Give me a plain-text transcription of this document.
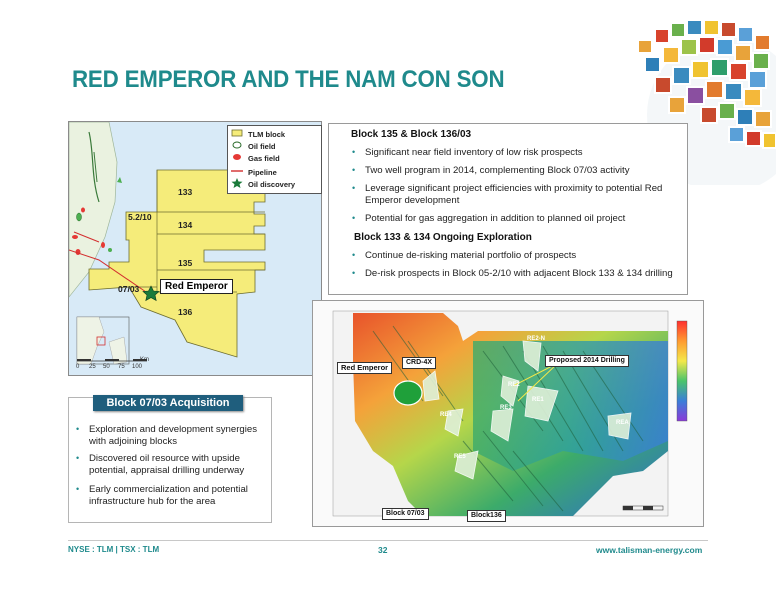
RED EMPEROR AND THE NAM CON SON
133
134
135
136
07/03
5.2/10
Red Emperor
0 25 50 75 100
Km
TLM block
Oil field
Gas field
Pipeline
Oil discovery
Block 135 & Block 136/03
• Significant near field inventory of low risk prospects
• Two well program in 2014, complementing Block 07/03 activity
• Leverage significant project efficiencies with proximity to potential Red Emperor development
• Potential for gas aggregation in addition to planned oil project
Block 133 & 134 Ongoing Exploration
• Continue de-risking material portfolio of prospects
• De-risk prospects in Block 05-2/10 with adjacent Block 133 & 134 drilling
Block 07/03 Acquisition
• Exploration and development synergies with adjoining blocks
• Discovered oil resource with upside potential, appraisal drilling underway
• Early commercialization and potential infrastructure hub for the area
Red Emperor
CRD-4X	Proposed 2014 Drilling
Block 07/03	Block136
RE2-N
RE2
RE1
RE3
RE4
RE5
REA
NYSE : TLM | TSX : TLM	32	www.talisman-energy.com
